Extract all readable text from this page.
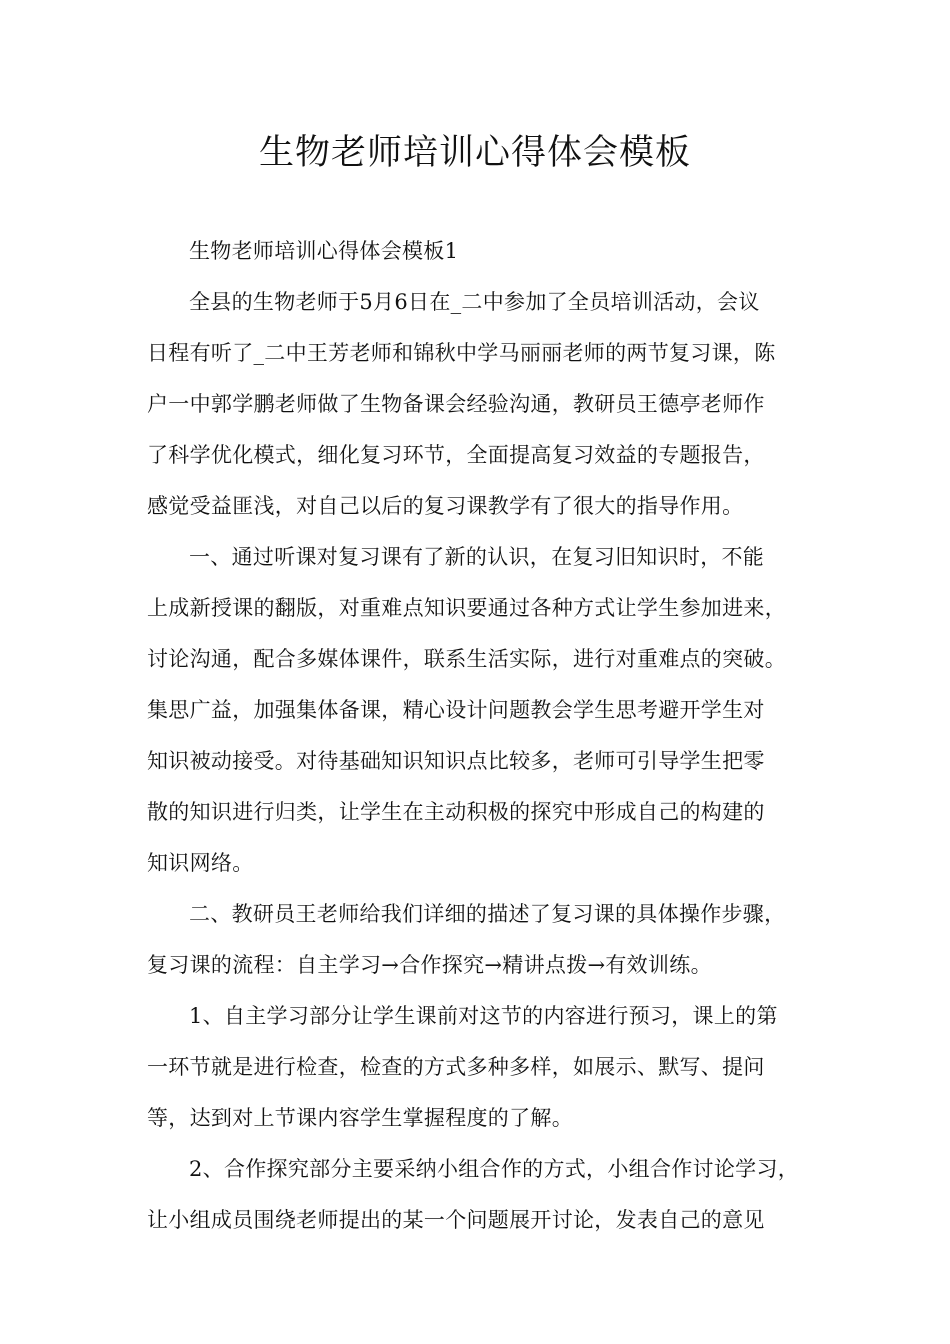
生物老师培训心得体会模板
生物老师培训心得体会模板1
全县的生物老师于5月6日在_二中参加了全员培训活动，会议
日程有听了_二中王芳老师和锦秋中学马丽丽老师的两节复习课，陈
户一中郭学鹏老师做了生物备课会经验沟通，教研员王德亭老师作
了科学优化模式，细化复习环节，全面提高复习效益的专题报告，
感觉受益匪浅，对自己以后的复习课教学有了很大的指导作用。
一、通过听课对复习课有了新的认识，在复习旧知识时，不能
上成新授课的翻版，对重难点知识要通过各种方式让学生参加进来，
讨论沟通，配合多媒体课件，联系生活实际，进行对重难点的突破。
集思广益，加强集体备课，精心设计问题教会学生思考避开学生对
知识被动接受。对待基础知识知识点比较多，老师可引导学生把零
散的知识进行归类，让学生在主动积极的探究中形成自己的构建的
知识网络。
二、教研员王老师给我们详细的描述了复习课的具体操作步骤，
复习课的流程：自主学习→合作探究→精讲点拨→有效训练。
1、自主学习部分让学生课前对这节的内容进行预习，课上的第
一环节就是进行检查，检查的方式多种多样，如展示、默写、提问
等，达到对上节课内容学生掌握程度的了解。
2、合作探究部分主要采纳小组合作的方式，小组合作讨论学习，
让小组成员围绕老师提出的某一个问题展开讨论，发表自己的意见
